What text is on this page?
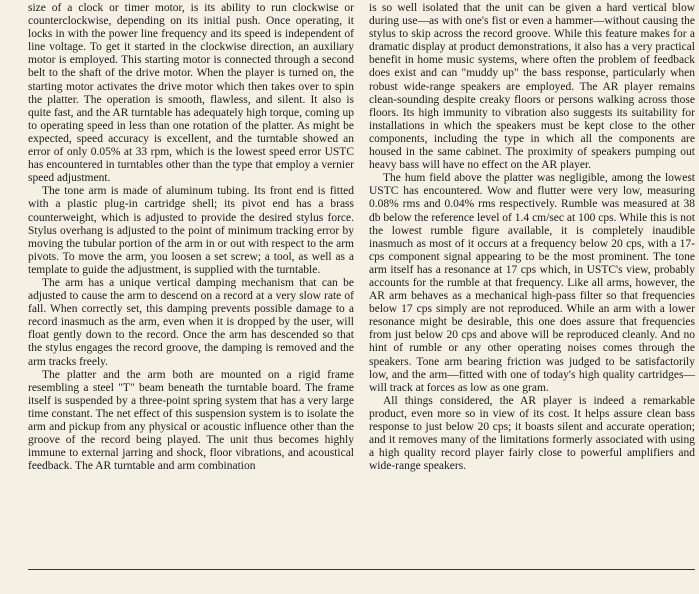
size of a clock or timer motor, is its ability to run clockwise or counterclockwise, depending on its initial push. Once operating, it locks in with the power line frequency and its speed is independent of line voltage. To get it started in the clockwise direction, an auxiliary motor is employed. This starting motor is connected through a second belt to the shaft of the drive motor. When the player is turned on, the starting motor activates the drive motor which then takes over to spin the platter. The operation is smooth, flawless, and silent. It also is quite fast, and the AR turntable has adequately high torque, coming up to operating speed in less than one rotation of the platter. As might be expected, speed accuracy is excellent, and the turntable showed an error of only 0.05% at 33 rpm, which is the lowest speed error USTC has encountered in turntables other than the type that employ a vernier speed adjustment.

The tone arm is made of aluminum tubing. Its front end is fitted with a plastic plug-in cartridge shell; its pivot end has a brass counterweight, which is adjusted to provide the desired stylus force. Stylus overhang is adjusted to the point of minimum tracking error by moving the tubular portion of the arm in or out with respect to the arm pivots. To move the arm, you loosen a set screw; a tool, as well as a template to guide the adjustment, is supplied with the turntable.

The arm has a unique vertical damping mechanism that can be adjusted to cause the arm to descend on a record at a very slow rate of fall. When correctly set, this damping prevents possible damage to a record inasmuch as the arm, even when it is dropped by the user, will float gently down to the record. Once the arm has descended so that the stylus engages the record groove, the damping is removed and the arm tracks freely.

The platter and the arm both are mounted on a rigid frame resembling a steel "T" beam beneath the turntable board. The frame itself is suspended by a three-point spring system that has a very large time constant. The net effect of this suspension system is to isolate the arm and pickup from any physical or acoustic influence other than the groove of the record being played. The unit thus becomes highly immune to external jarring and shock, floor vibrations, and acoustical feedback. The AR turntable and arm combination

is so well isolated that the unit can be given a hard vertical blow during use—as with one's fist or even a hammer—without causing the stylus to skip across the record groove. While this feature makes for a dramatic display at product demonstrations, it also has a very practical benefit in home music systems, where often the problem of feedback does exist and can "muddy up" the bass response, particularly when robust wide-range speakers are employed. The AR player remains clean-sounding despite creaky floors or persons walking across those floors. Its high immunity to vibration also suggests its suitability for installations in which the speakers must be kept close to the other components, including the type in which all the components are housed in the same cabinet. The proximity of speakers pumping out heavy bass will have no effect on the AR player.

The hum field above the platter was negligible, among the lowest USTC has encountered. Wow and flutter were very low, measuring 0.08% rms and 0.04% rms respectively. Rumble was measured at 38 db below the reference level of 1.4 cm/sec at 100 cps. While this is not the lowest rumble figure available, it is completely inaudible inasmuch as most of it occurs at a frequency below 20 cps, with a 17-cps component signal appearing to be the most prominent. The tone arm itself has a resonance at 17 cps which, in USTC's view, probably accounts for the rumble at that frequency. Like all arms, however, the AR arm behaves as a mechanical high-pass filter so that frequencies below 17 cps simply are not reproduced. While an arm with a lower resonance might be desirable, this one does assure that frequencies from just below 20 cps and above will be reproduced cleanly. And no hint of rumble or any other operating noises comes through the speakers. Tone arm bearing friction was judged to be satisfactorily low, and the arm—fitted with one of today's high quality cartridges—will track at forces as low as one gram.

All things considered, the AR player is indeed a remarkable product, even more so in view of its cost. It helps assure clean bass response to just below 20 cps; it boasts silent and accurate operation; and it removes many of the limitations formerly associated with using a high quality record player fairly close to powerful amplifiers and wide-range speakers.
